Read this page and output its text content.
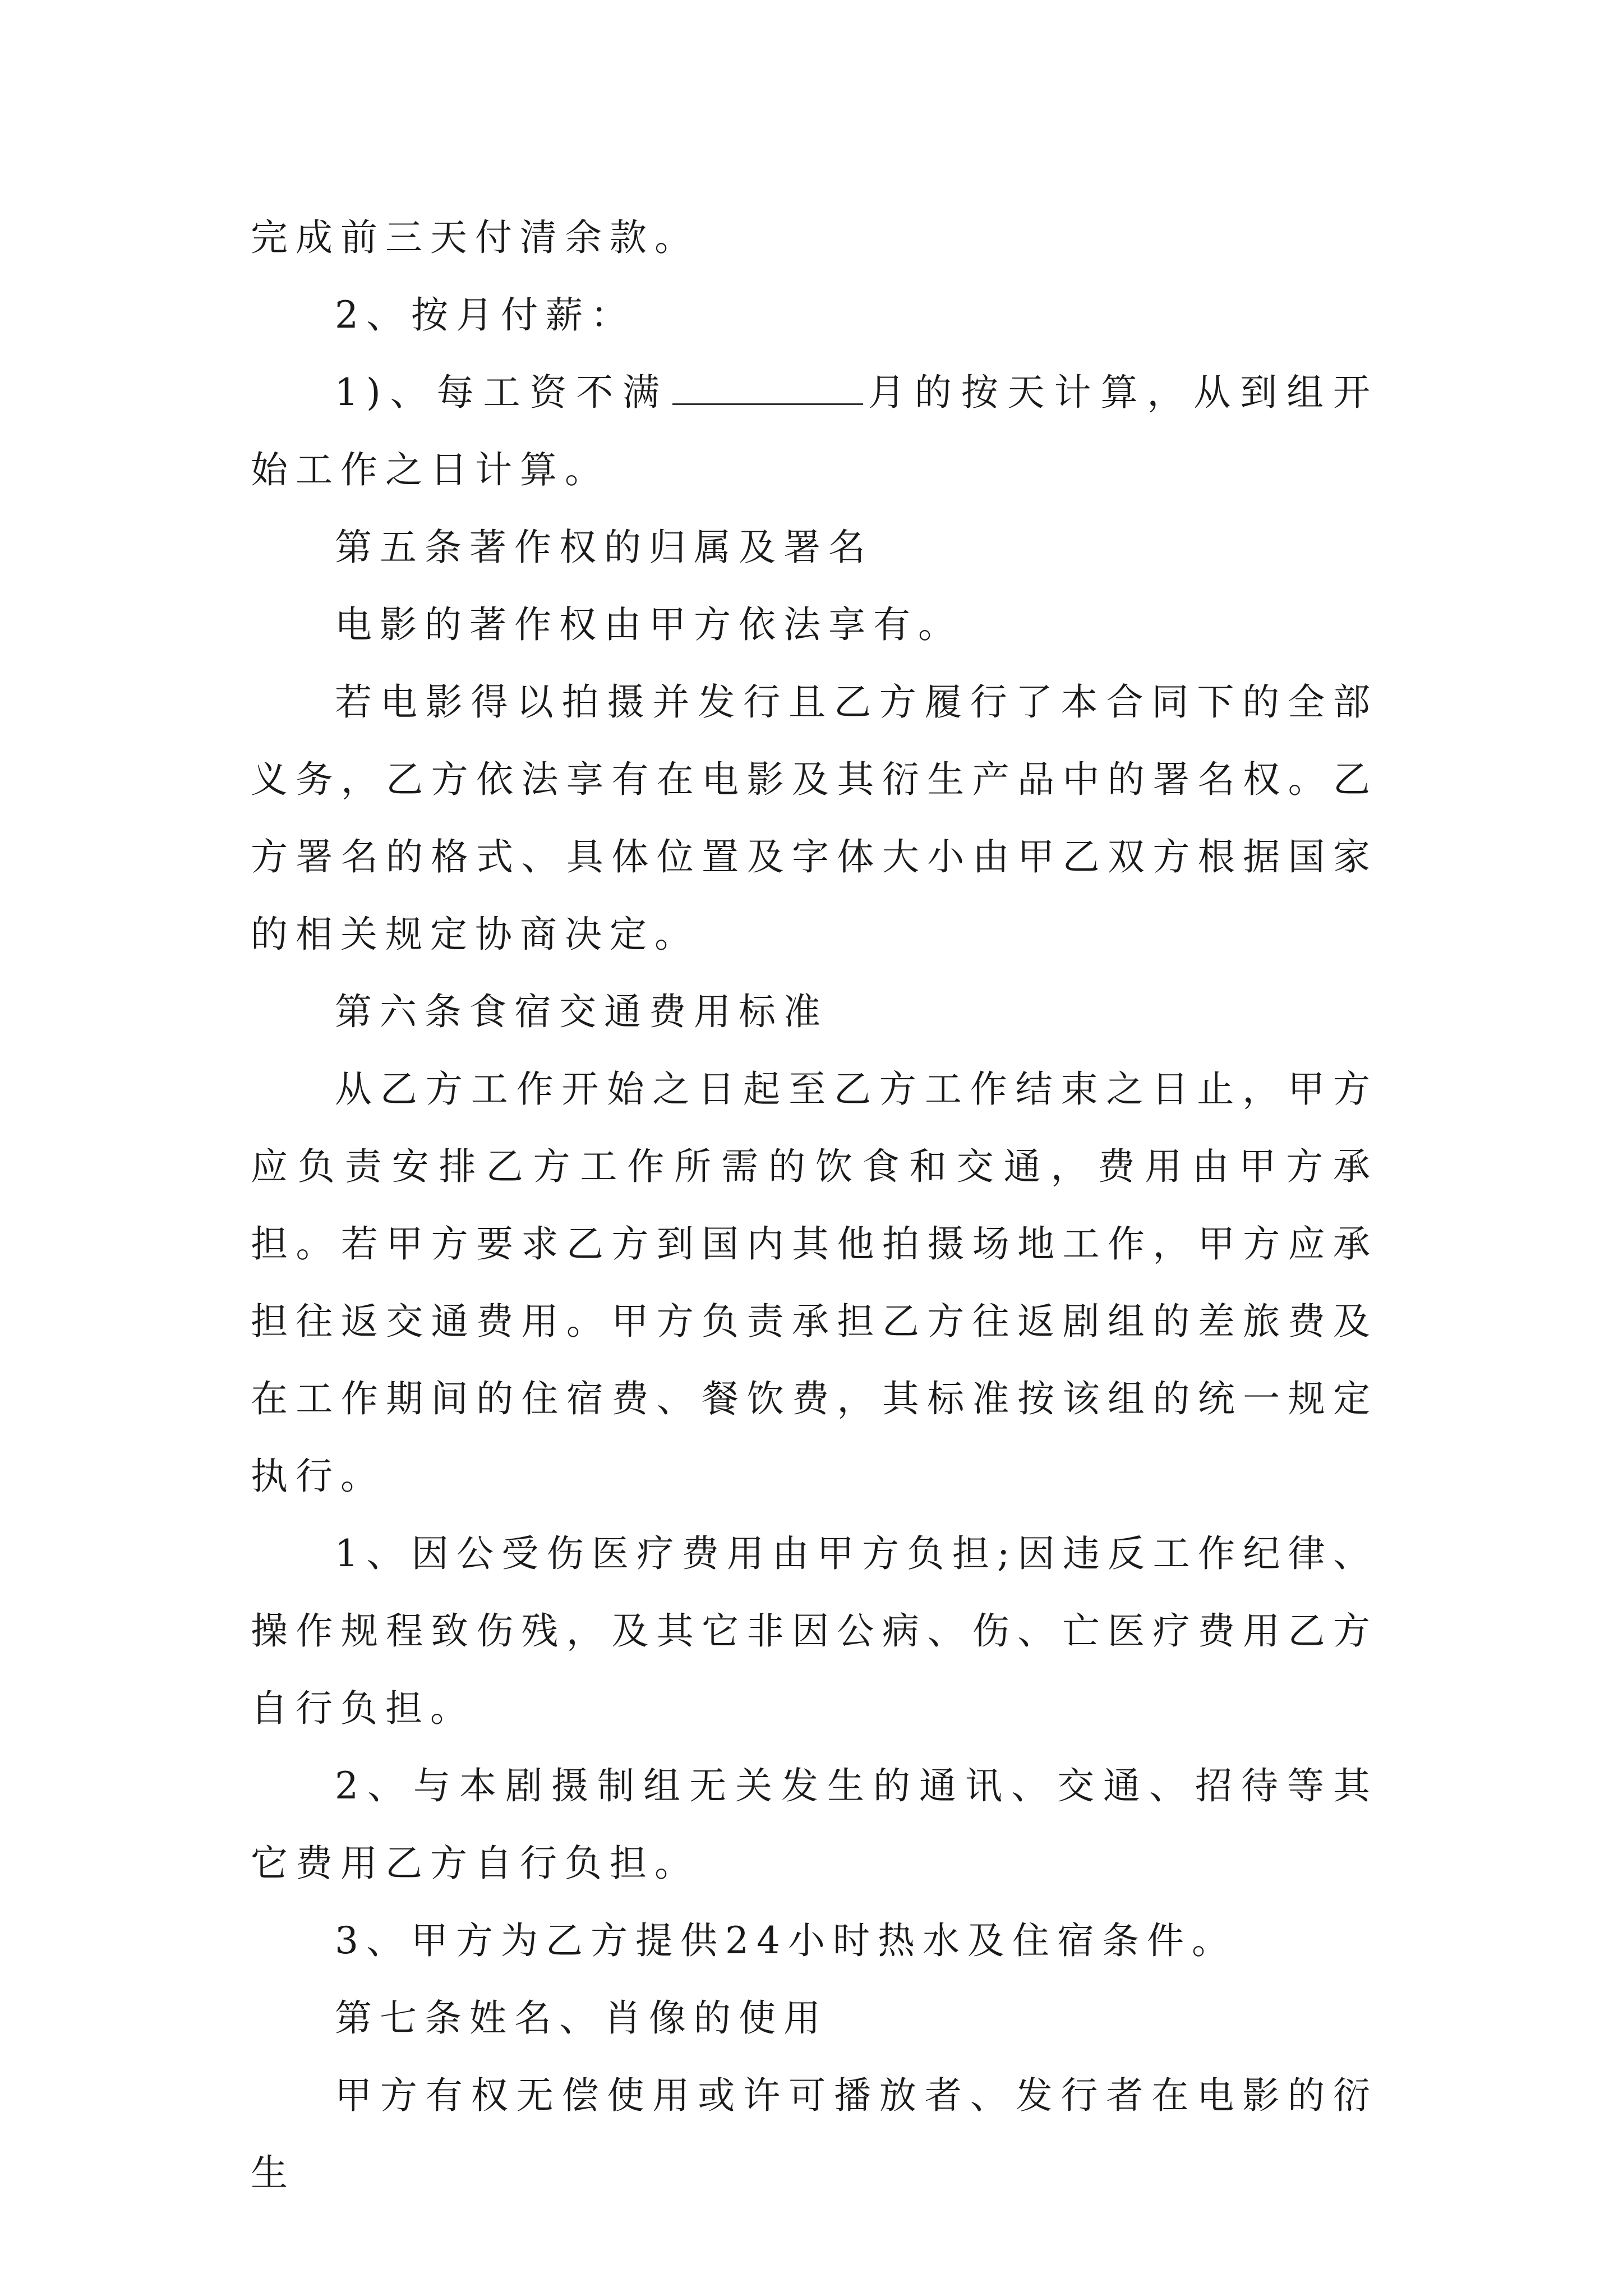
完成前三天付清余款。

2、按月付薪：

1)、每工资不满	月的按天计算，从到组开始工作之日计算。

第五条著作权的归属及署名

电影的著作权由甲方依法享有。

若电影得以拍摄并发行且乙方履行了本合同下的全部义务，乙方依法享有在电影及其衍生产品中的署名权。乙方署名的格式、具体位置及字体大小由甲乙双方根据国家的相关规定协商决定。

第六条食宿交通费用标准

从乙方工作开始之日起至乙方工作结束之日止，甲方应负责安排乙方工作所需的饮食和交通，费用由甲方承担。若甲方要求乙方到国内其他拍摄场地工作，甲方应承担往返交通费用。甲方负责承担乙方往返剧组的差旅费及在工作期间的住宿费、餐饮费，其标准按该组的统一规定执行。

1、因公受伤医疗费用由甲方负担;因违反工作纪律、操作规程致伤残，及其它非因公病、伤、亡医疗费用乙方自行负担。

2、与本剧摄制组无关发生的通讯、交通、招待等其它费用乙方自行负担。

3、甲方为乙方提供24小时热水及住宿条件。

第七条姓名、肖像的使用

甲方有权无偿使用或许可播放者、发行者在电影的衍生
